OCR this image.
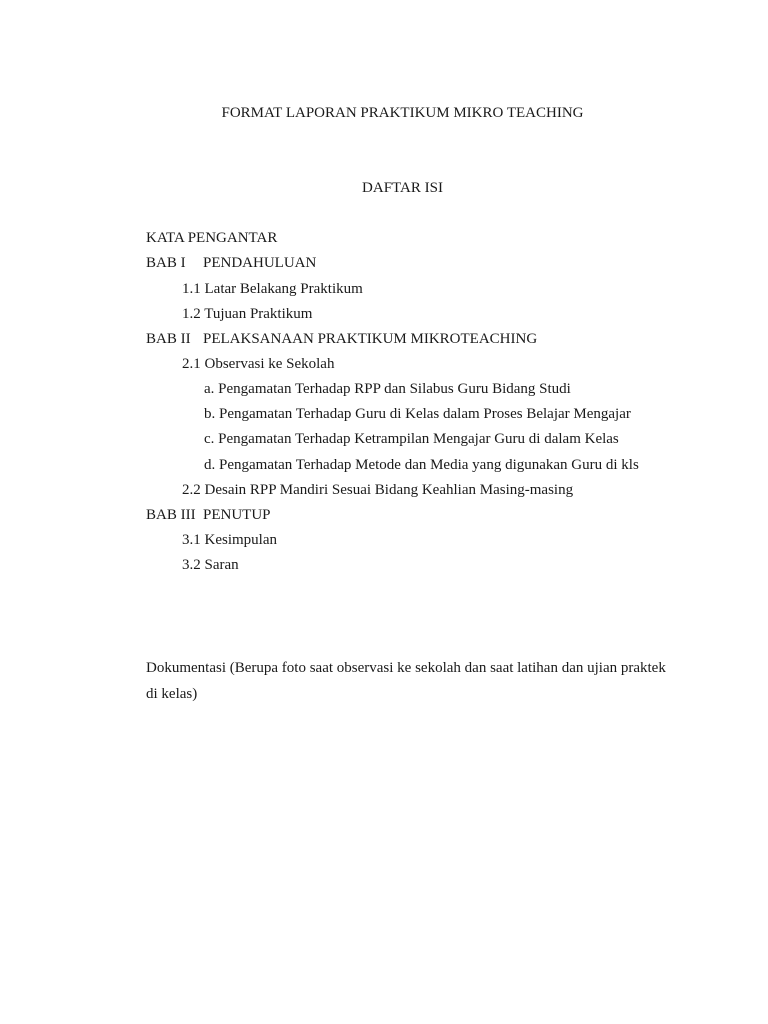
FORMAT LAPORAN PRAKTIKUM MIKRO TEACHING
DAFTAR ISI
KATA PENGANTAR
BAB I	PENDAHULUAN
1.1 Latar Belakang Praktikum
1.2 Tujuan Praktikum
BAB II PELAKSANAAN PRAKTIKUM MIKROTEACHING
2.1 Observasi ke Sekolah
a. Pengamatan Terhadap RPP dan Silabus Guru Bidang Studi
b. Pengamatan Terhadap Guru di Kelas dalam Proses Belajar Mengajar
c. Pengamatan Terhadap Ketrampilan Mengajar Guru di dalam Kelas
d. Pengamatan Terhadap Metode dan Media yang digunakan Guru di kls
2.2 Desain RPP Mandiri Sesuai Bidang Keahlian Masing-masing
BAB III PENUTUP
3.1 Kesimpulan
3.2 Saran
Dokumentasi (Berupa foto saat observasi ke sekolah dan saat latihan dan ujian praktek di kelas)
